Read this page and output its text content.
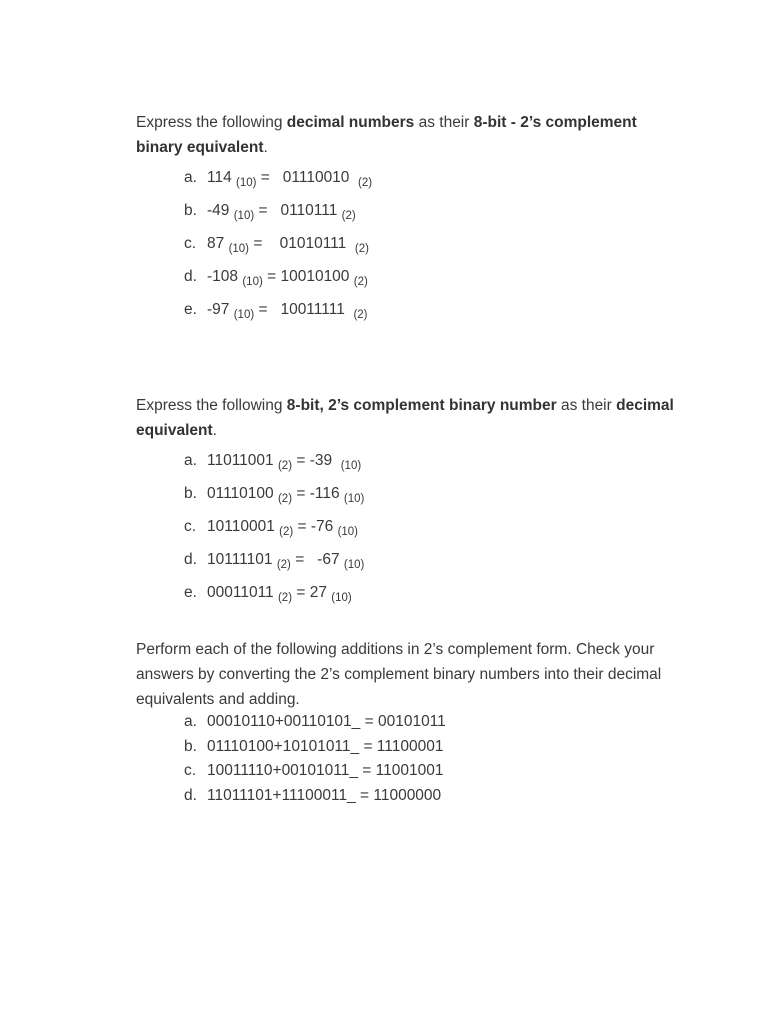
Express the following decimal numbers as their 8-bit - 2’s complement binary equivalent.

a. 114 $_{(10)}$ =   01110010  $_{(2)}$
b. -49 $_{(10)}$ =   0110111 $_{(2)}$
c. 87 $_{(10)}$ =    01010111  $_{(2)}$
d. -108 $_{(10)}$ = 10010100 $_{(2)}$
e. -97 $_{(10)}$ =   10011111  $_{(2)}$

Express the following 8-bit, 2’s complement binary number as their decimal equivalent.

a. 11011001 $_{(2)}$ = -39  $_{(10)}$
b. 01110100 $_{(2)}$ = -116 $_{(10)}$
c. 10110001 $_{(2)}$ = -76 $_{(10)}$
d. 10111101 $_{(2)}$ =   -67 $_{(10)}$
e. 00011011 $_{(2)}$ = 27 $_{(10)}$

Perform each of the following additions in 2’s complement form. Check your answers by converting the 2’s complement binary numbers into their decimal equivalents and adding.

a. 00010110+00110101_ = 00101011
b. 01110100+10101011_ = 11100001
c. 10011110+00101011_ = 11001001
d. 11011101+11100011_ = 11000000
